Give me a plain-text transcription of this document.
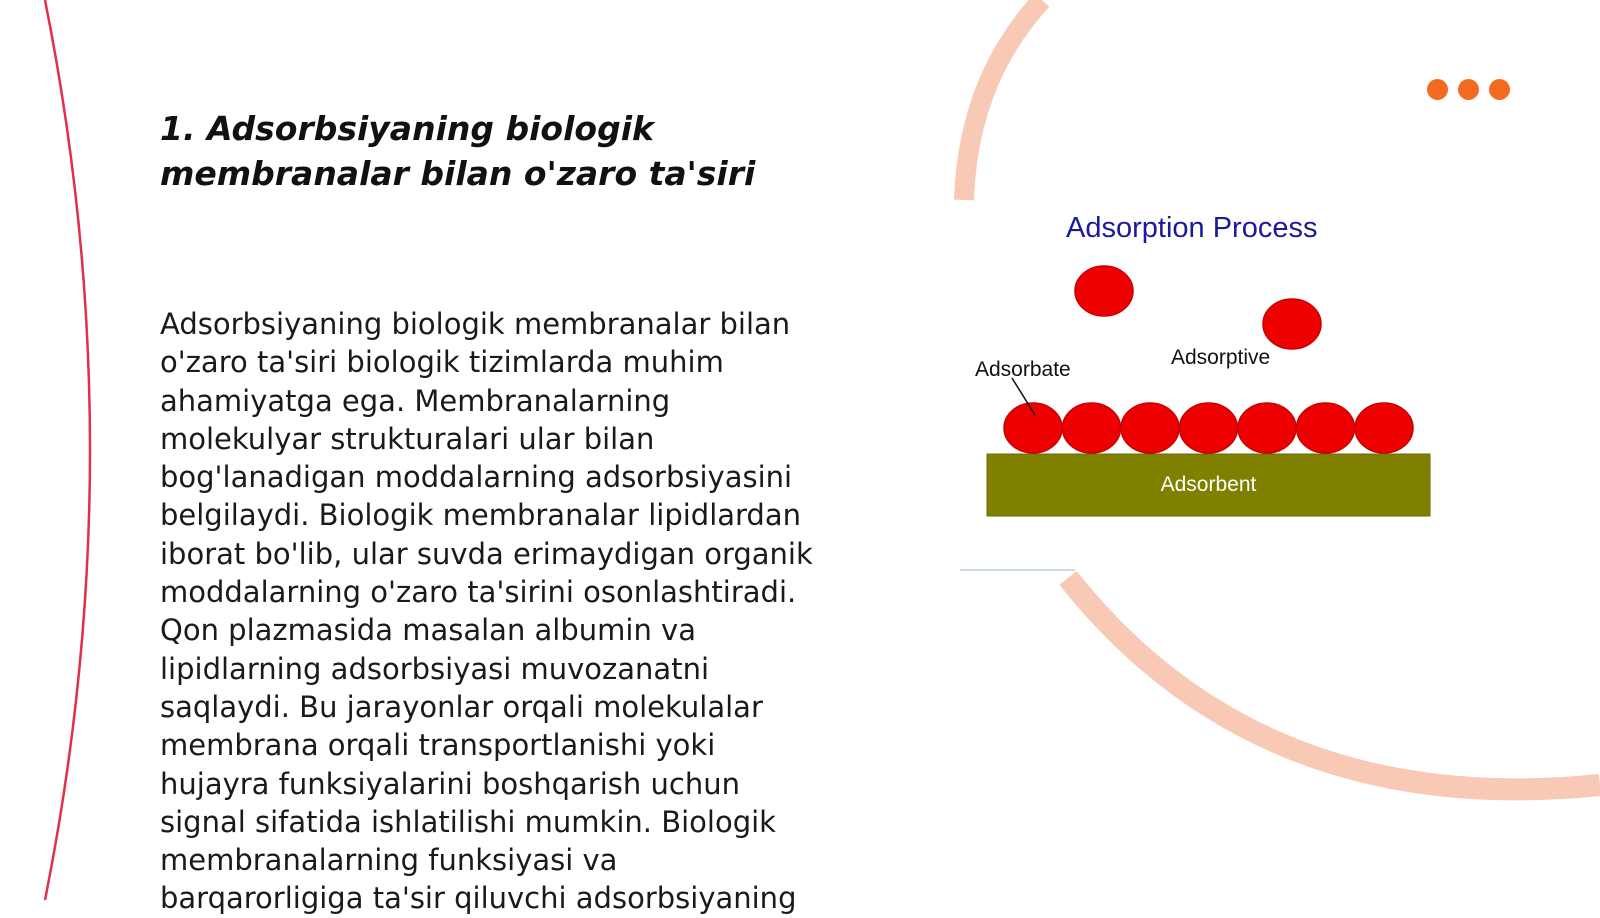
1. Adsorbsiyaning biologik
membranalar bilan o'zaro ta'siri
Adsorbsiyaning biologik membranalar bilan
o'zaro ta'siri biologik tizimlarda muhim
ahamiyatga ega. Membranalarning
molekulyar strukturalari ular bilan
bog'lanadigan moddalarning adsorbsiyasini
belgilaydi. Biologik membranalar lipidlardan
iborat bo'lib, ular suvda erimaydigan organik
moddalarning o'zaro ta'sirini osonlashtiradi.
Qon plazmasida masalan albumin va
lipidlarning adsorbsiyasi muvozanatni
saqlaydi. Bu jarayonlar orqali molekulalar
membrana orqali transportlanishi yoki
hujayra funksiyalarini boshqarish uchun
signal sifatida ishlatilishi mumkin. Biologik
membranalarning funksiyasi va
barqarorligiga ta'sir qiluvchi adsorbsiyaning
Adsorption Process
Adsorbate
Adsorptive
Adsorbent
